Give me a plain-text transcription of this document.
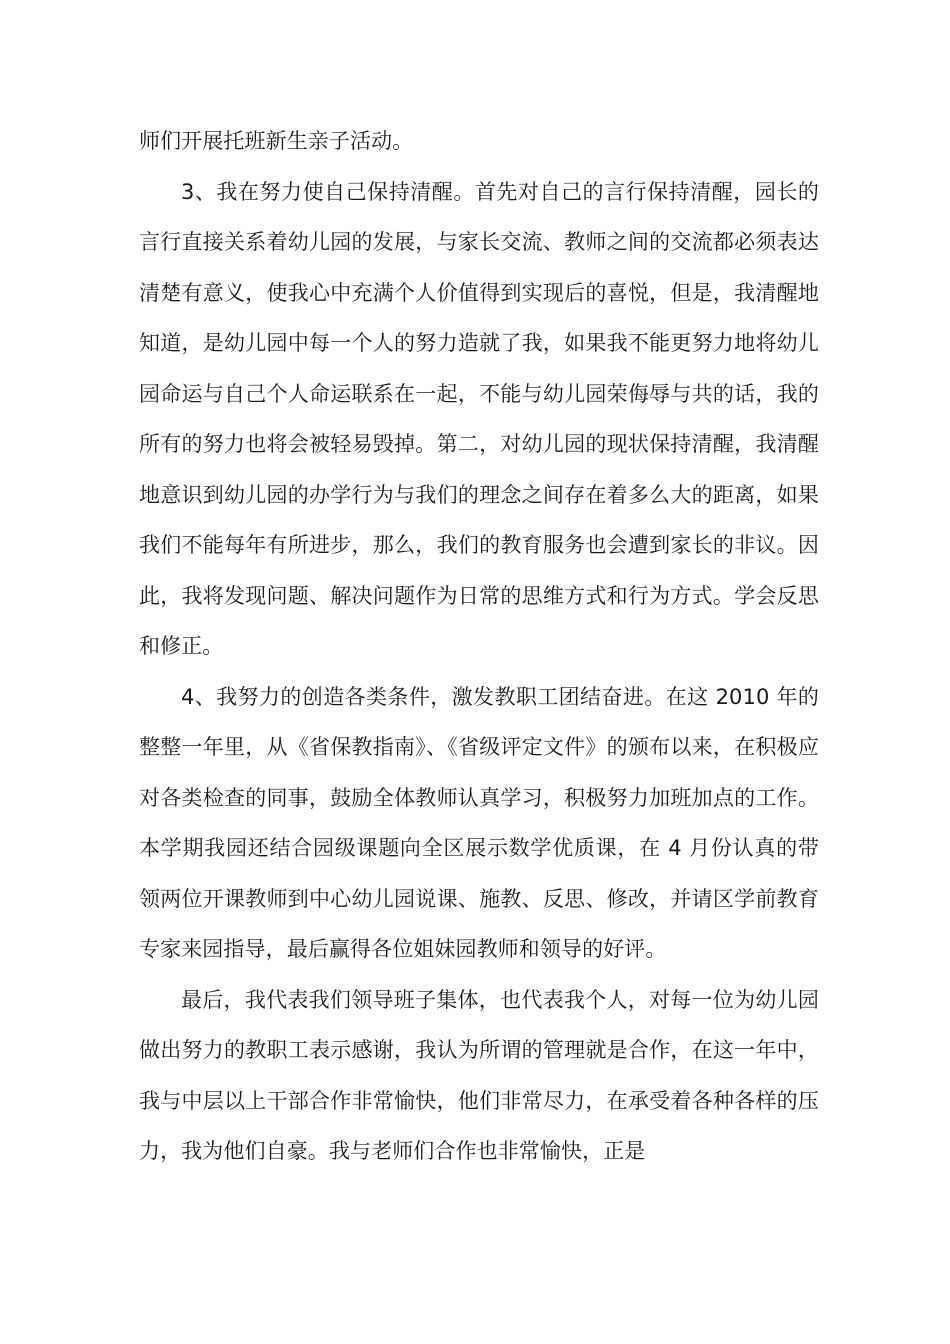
师们开展托班新生亲子活动。

3、我在努力使自己保持清醒。首先对自己的言行保持清醒，园长的言行直接关系着幼儿园的发展，与家长交流、教师之间的交流都必须表达清楚有意义，使我心中充满个人价值得到实现后的喜悦，但是，我清醒地知道，是幼儿园中每一个人的努力造就了我，如果我不能更努力地将幼儿园命运与自己个人命运联系在一起，不能与幼儿园荣侮辱与共的话，我的所有的努力也将会被轻易毁掉。第二，对幼儿园的现状保持清醒，我清醒地意识到幼儿园的办学行为与我们的理念之间存在着多么大的距离，如果我们不能每年有所进步，那么，我们的教育服务也会遭到家长的非议。因此，我将发现问题、解决问题作为日常的思维方式和行为方式。学会反思和修正。

4、我努力的创造各类条件，激发教职工团结奋进。在这 2010 年的整整一年里，从《省保教指南》、《省级评定文件》的颁布以来，在积极应对各类检查的同事，鼓励全体教师认真学习，积极努力加班加点的工作。本学期我园还结合园级课题向全区展示数学优质课，在 4 月份认真的带领两位开课教师到中心幼儿园说课、施教、反思、修改，并请区学前教育专家来园指导，最后赢得各位姐妹园教师和领导的好评。

最后，我代表我们领导班子集体，也代表我个人，对每一位为幼儿园做出努力的教职工表示感谢，我认为所谓的管理就是合作，在这一年中，我与中层以上干部合作非常愉快，他们非常尽力，在承受着各种各样的压力，我为他们自豪。我与老师们合作也非常愉快，正是
